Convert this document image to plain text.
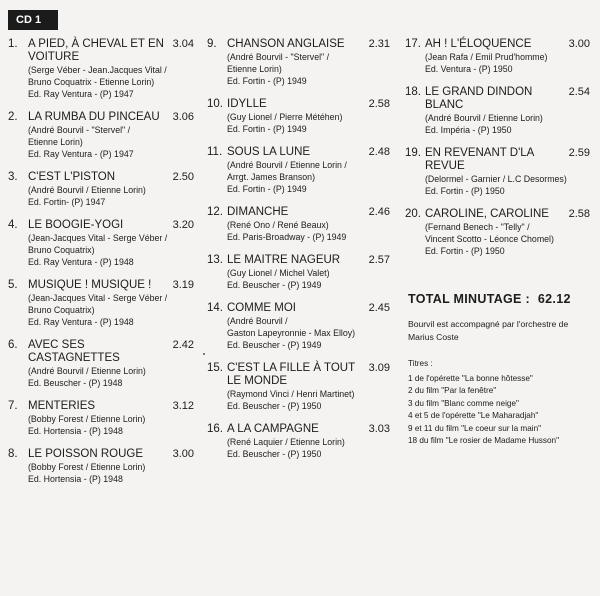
CD 1
1. A PIED, À CHEVAL ET EN VOITURE
3.04
(Serge Véber - Jean.Jacques Vital /
Bruno Coquatrix - Etienne Lorin)
Ed. Ray Ventura - (P) 1947
2. LA RUMBA DU PINCEAU	3.06
(André Bourvil - "Stervel" /
Etienne Lorin)
Ed. Ray Ventura - (P) 1947
3. C'EST L'PISTON	2.50
(André Bourvil / Etienne Lorin)
Ed. Fortin- (P) 1947
4. LE BOOGIE-YOGI	3.20
(Jean-Jacques Vital - Serge Véber /
Bruno Coquatrix)
Ed. Ray Ventura - (P) 1948
5. MUSIQUE ! MUSIQUE !	3.19
(Jean-Jacques Vital - Serge Véber /
Bruno Coquatrix)
Ed. Ray Ventura - (P) 1948
6. AVEC SES CASTAGNETTES
2.42
(André Bourvil / Etienne Lorin)
Ed. Beuscher - (P) 1948
7. MENTERIES	3.12
(Bobby Forest / Etienne Lorin)
Ed. Hortensia - (P) 1948
8. LE POISSON ROUGE	3.00
(Bobby Forest / Etienne Lorin)
Ed. Hortensia - (P) 1948
9. CHANSON ANGLAISE	2.31
(André Bourvil - "Stervel" /
Etienne Lorin)
Ed. Fortin - (P) 1949
10. IDYLLE	2.58
(Guy Lionel / Pierre Météhen)
Ed. Fortin - (P) 1949
11. SOUS LA LUNE	2.48
(André Bourvil / Etienne Lorin /
Arrgt. James Branson)
Ed. Fortin - (P) 1949
12. DIMANCHE	2.46
(René Ono / René Beaux)
Ed. Paris-Broadway - (P) 1949
13. LE MAITRE NAGEUR	2.57
(Guy Lionel / Michel Valet)
Ed. Beuscher - (P) 1949
14. COMME MOI	2.45
(André Bourvil /
Gaston Lapeyronnie - Max Elloy)
Ed. Beuscher - (P) 1949
15. C'EST LA FILLE À TOUT LE MONDE
3.09
(Raymond Vinci / Henri Martinet)
Ed. Beuscher - (P) 1950
16. A LA CAMPAGNE	3.03
(René Laquier / Etienne Lorin)
Ed. Beuscher - (P) 1950
17. AH ! L'ÉLOQUENCE	3.00
(Jean Rafa / Emil Prud'homme)
Ed. Ventura - (P) 1950
18. LE GRAND DINDON BLANC
2.54
(André Bourvil / Etienne Lorin)
Ed. Impéria - (P) 1950
19. EN REVENANT D'LA REVUE
2.59
(Delormel - Garnier / L.C Desormes)
Ed. Fortin - (P) 1950
20. CAROLINE, CAROLINE	2.58
(Fernand Benech - "Telly" /
Vincent Scotto - Léonce Chomel)
Ed. Fortin - (P) 1950
TOTAL MINUTAGE : 62.12
Bourvil est accompagné par l'orchestre de Marius Coste
Titres :
1 de l'opérette "La bonne hôtesse"
2 du film "Par la fenêtre"
3 du film "Blanc comme neige"
4 et 5 de l'opérette "Le Maharadjah"
9 et 11 du film "Le coeur sur la main"
18 du film "Le rosier de Madame Husson"
